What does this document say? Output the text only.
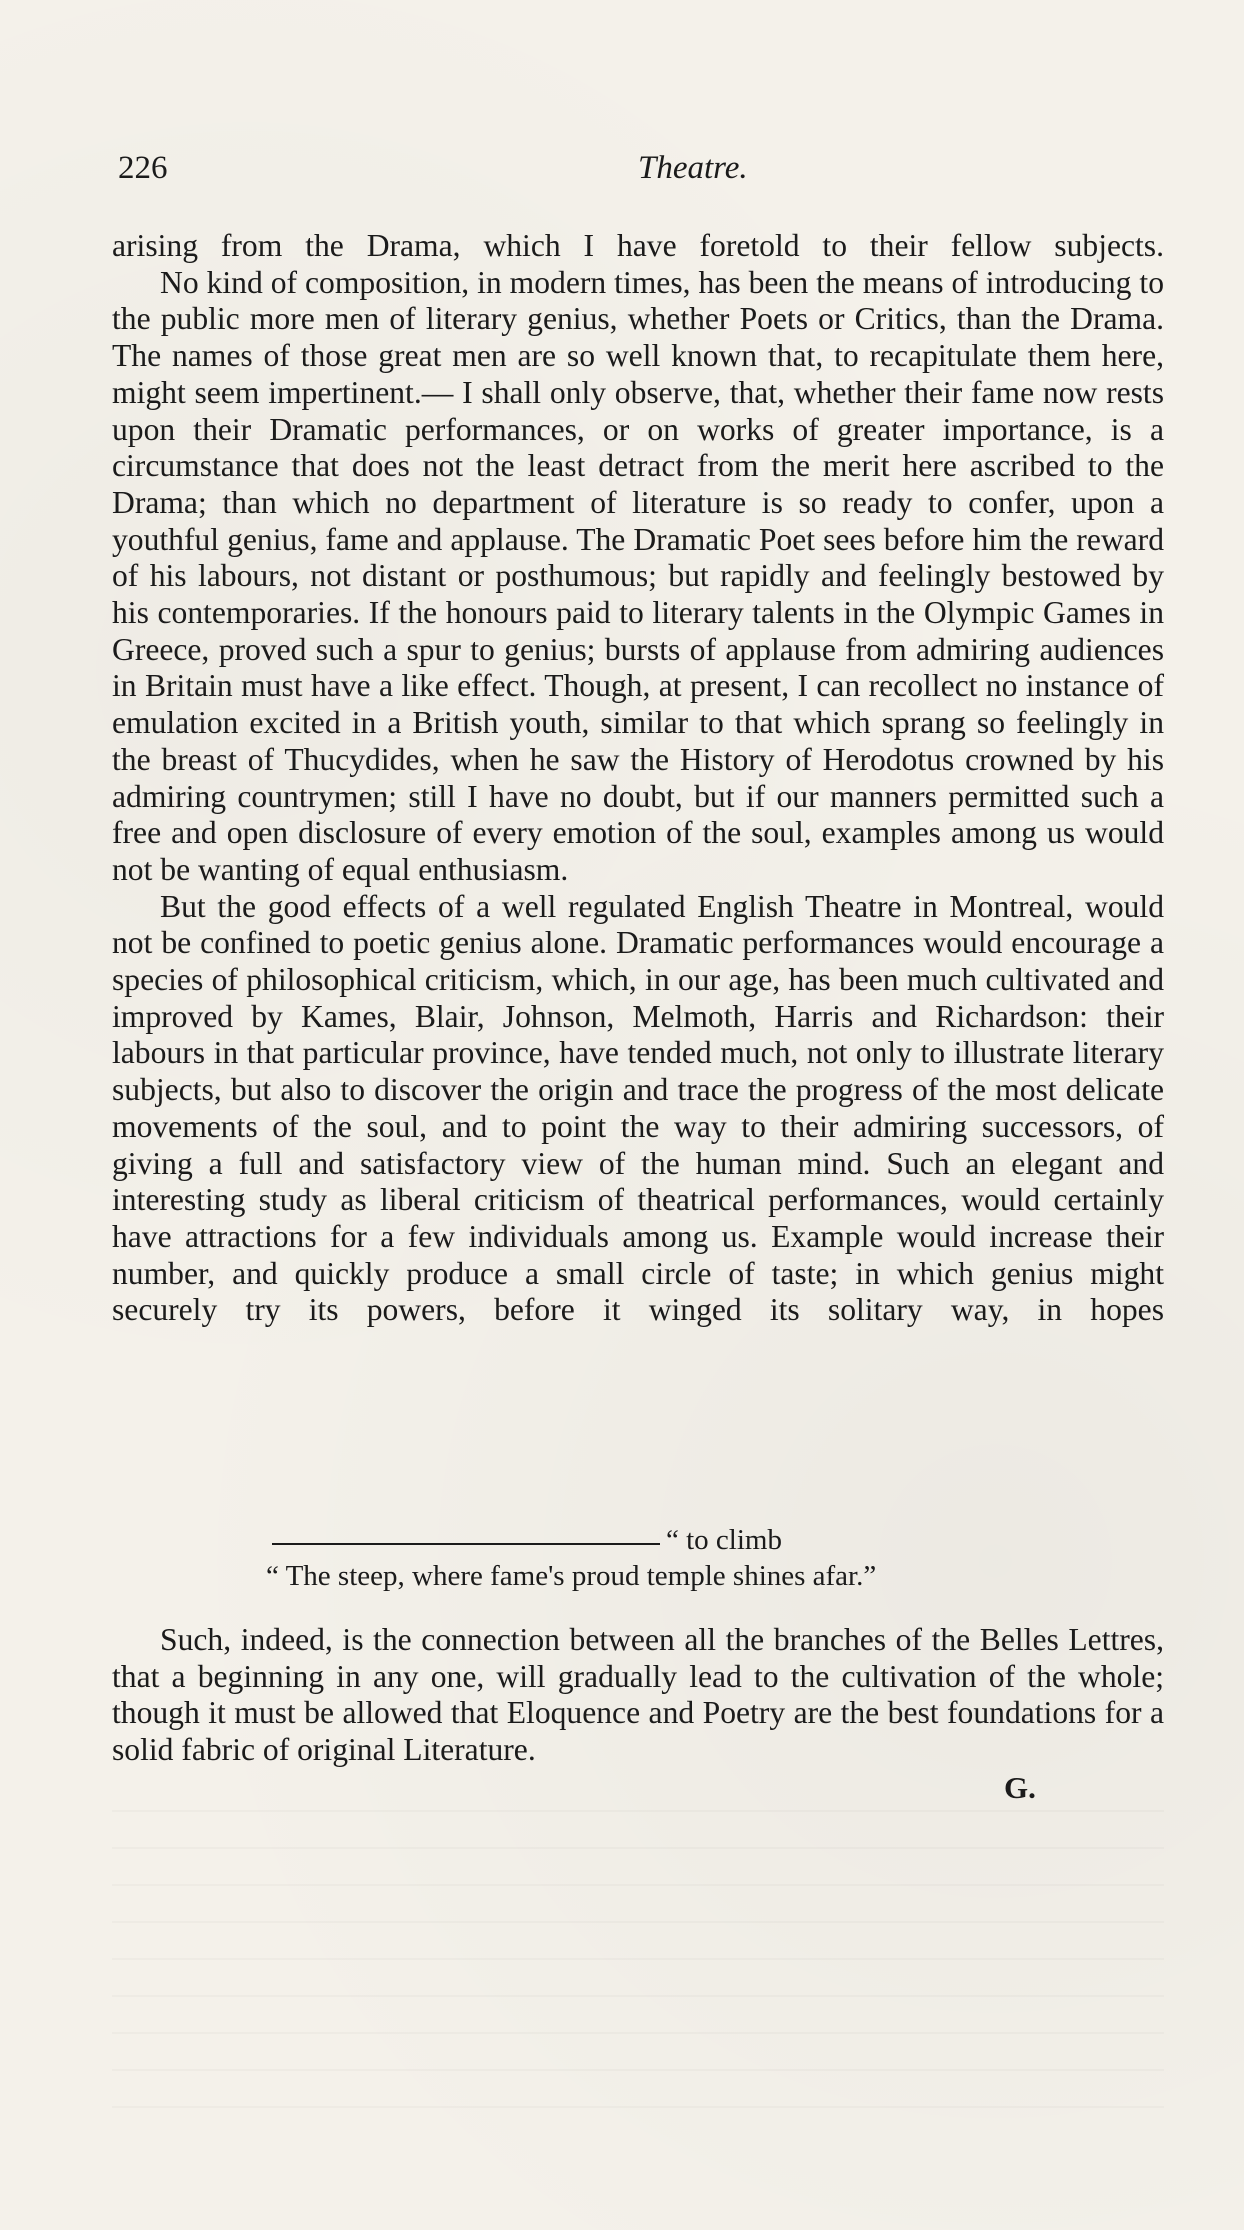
226	Theatre.

arising from the Drama, which I have foretold to their fellow subjects.

No kind of composition, in modern times, has been the means of introducing to the public more men of literary genius, whether Poets or Critics, than the Drama. The names of those great men are so well known that, to recapitulate them here, might seem impertinent.— I shall only observe, that, whether their fame now rests upon their Dramatic performances, or on works of greater importance, is a circumstance that does not the least detract from the merit here ascribed to the Drama; than which no department of literature is so ready to confer, upon a youthful genius, fame and applause. The Dramatic Poet sees before him the reward of his labours, not distant or posthumous; but rapidly and feelingly bestowed by his contemporaries. If the honours paid to literary talents in the Olympic Games in Greece, proved such a spur to genius; bursts of applause from admiring audiences in Britain must have a like effect. Though, at present, I can recollect no instance of emulation excited in a British youth, similar to that which sprang so feelingly in the breast of Thucydides, when he saw the History of Herodotus crowned by his admiring countrymen; still I have no doubt, but if our manners permitted such a free and open disclosure of every emotion of the soul, examples among us would not be wanting of equal enthusiasm.

But the good effects of a well regulated English Theatre in Montreal, would not be confined to poetic genius alone. Dramatic performances would encourage a species of philosophical criticism, which, in our age, has been much cultivated and improved by Kames, Blair, Johnson, Melmoth, Harris and Richardson: their labours in that particular province, have tended much, not only to illustrate literary subjects, but also to discover the origin and trace the progress of the most delicate movements of the soul, and to point the way to their admiring successors, of giving a full and satisfactory view of the human mind. Such an elegant and interesting study as liberal criticism of theatrical performances, would certainly have attractions for a few individuals among us. Example would increase their number, and quickly produce a small circle of taste; in which genius might securely try its powers, before it winged its solitary way, in hopes

“ to climb
“ The steep, where fame's proud temple shines afar.”

Such, indeed, is the connection between all the branches of the Belles Lettres, that a beginning in any one, will gradually lead to the cultivation of the whole; though it must be allowed that Eloquence and Poetry are the best foundations for a solid fabric of original Literature.

G.
